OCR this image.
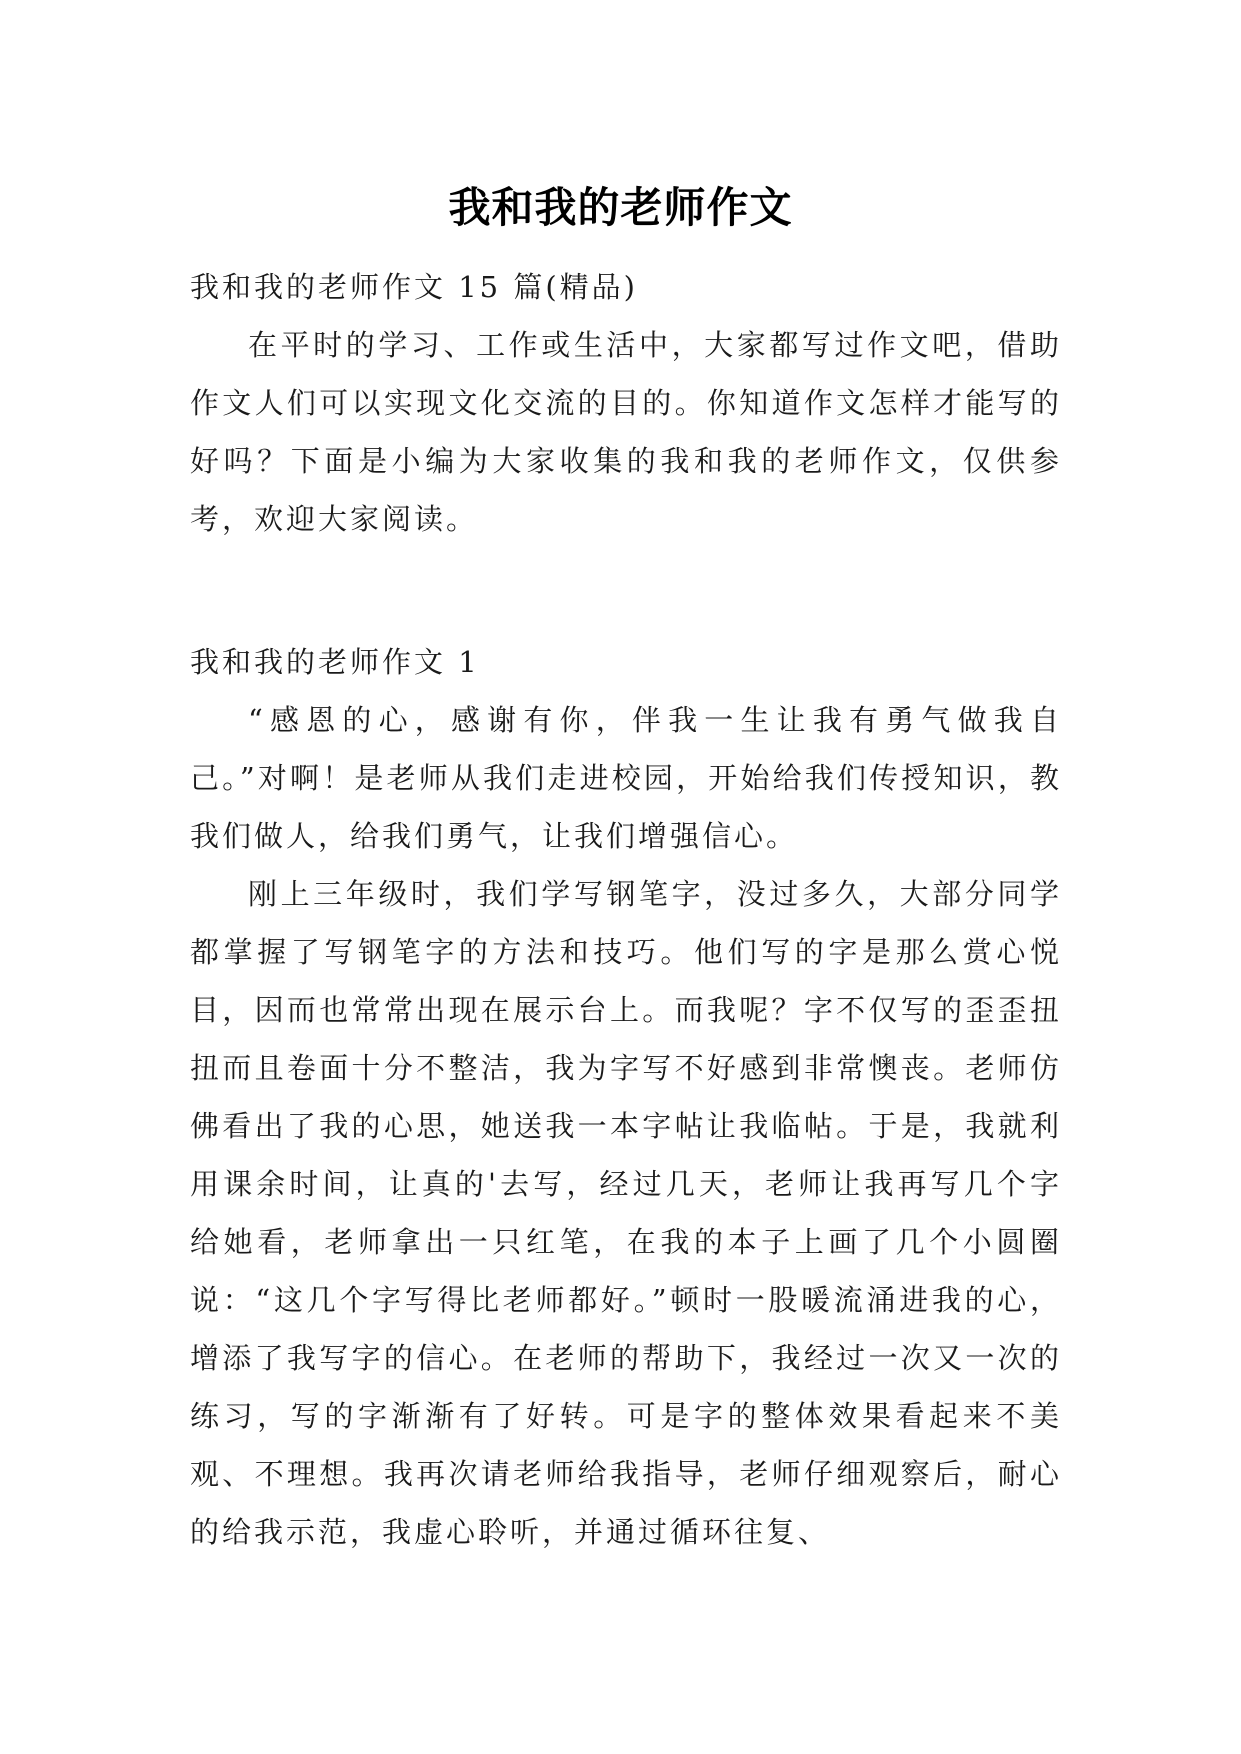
我和我的老师作文

我和我的老师作文 15 篇(精品)

在平时的学习、工作或生活中，大家都写过作文吧，借助作文人们可以实现文化交流的目的。你知道作文怎样才能写的好吗？下面是小编为大家收集的我和我的老师作文，仅供参考，欢迎大家阅读。

我和我的老师作文 1

“感恩的心，感谢有你，伴我一生让我有勇气做我自己。”对啊！是老师从我们走进校园，开始给我们传授知识，教我们做人，给我们勇气，让我们增强信心。

刚上三年级时，我们学写钢笔字，没过多久，大部分同学都掌握了写钢笔字的方法和技巧。他们写的字是那么赏心悦目，因而也常常出现在展示台上。而我呢？字不仅写的歪歪扭扭而且卷面十分不整洁，我为字写不好感到非常懊丧。老师仿佛看出了我的心思，她送我一本字帖让我临帖。于是，我就利用课余时间，让真的'去写，经过几天，老师让我再写几个字给她看，老师拿出一只红笔，在我的本子上画了几个小圆圈说：“这几个字写得比老师都好。”顿时一股暖流涌进我的心，增添了我写字的信心。在老师的帮助下，我经过一次又一次的练习，写的字渐渐有了好转。可是字的整体效果看起来不美观、不理想。我再次请老师给我指导，老师仔细观察后，耐心的给我示范，我虚心聆听，并通过循环往复、
